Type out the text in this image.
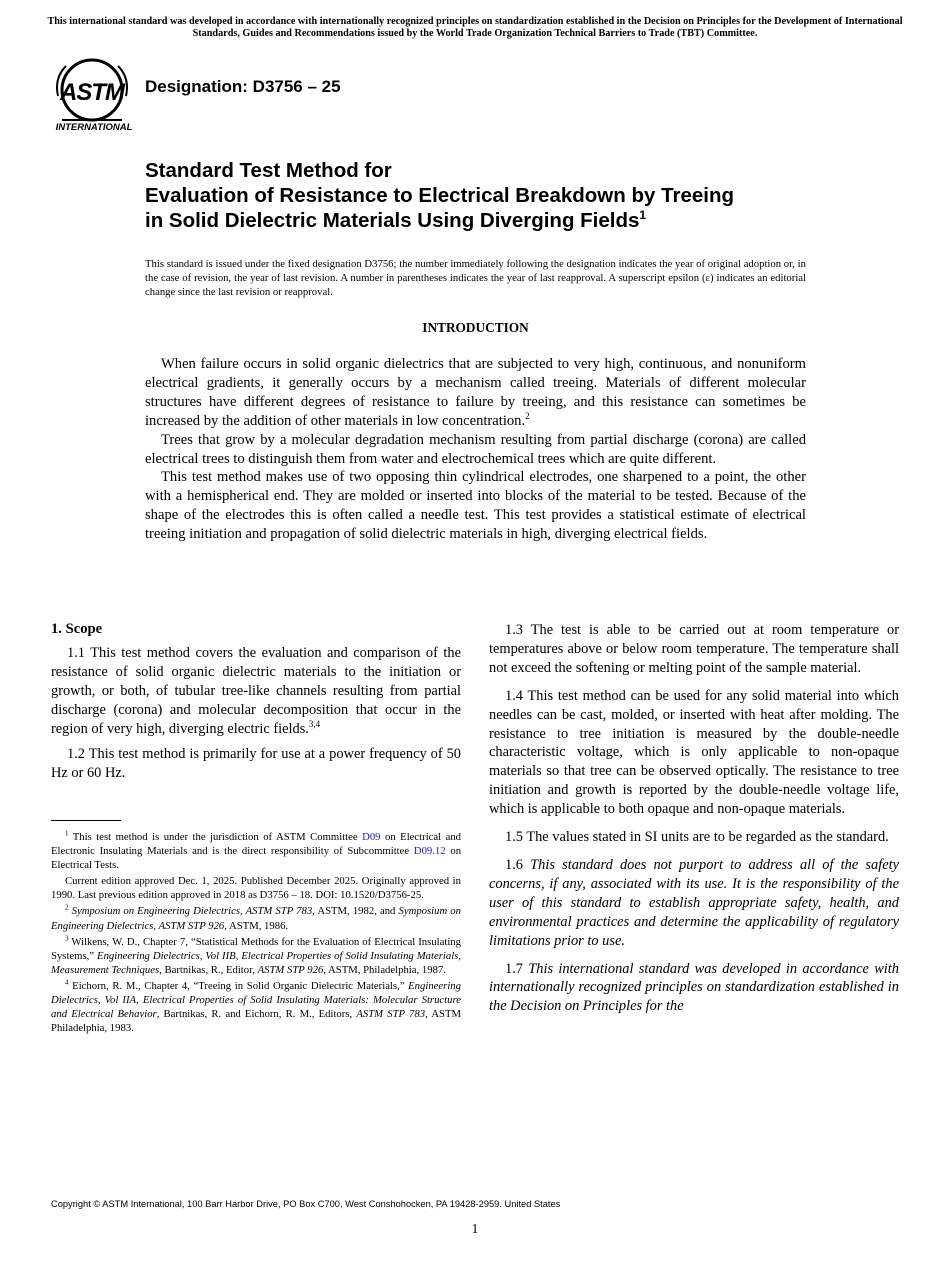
This international standard was developed in accordance with internationally recognized principles on standardization established in the Decision on Principles for the Development of International Standards, Guides and Recommendations issued by the World Trade Organization Technical Barriers to Trade (TBT) Committee.
ASTM
INTERNATIONAL
Designation: D3756 – 25
Standard Test Method for
Evaluation of Resistance to Electrical Breakdown by Treeing
in Solid Dielectric Materials Using Diverging Fields$^1$
This standard is issued under the fixed designation D3756; the number immediately following the designation indicates the year of original adoption or, in the case of revision, the year of last revision. A number in parentheses indicates the year of last reapproval. A superscript epsilon (ε) indicates an editorial change since the last revision or reapproval.
INTRODUCTION

When failure occurs in solid organic dielectrics that are subjected to very high, continuous, and nonuniform electrical gradients, it generally occurs by a mechanism called treeing. Materials of different molecular structures have different degrees of resistance to failure by treeing, and this resistance can sometimes be increased by the addition of other materials in low concentration.$^2$

Trees that grow by a molecular degradation mechanism resulting from partial discharge (corona) are called electrical trees to distinguish them from water and electrochemical trees which are quite different.

This test method makes use of two opposing thin cylindrical electrodes, one sharpened to a point, the other with a hemispherical end. They are molded or inserted into blocks of the material to be tested. Because of the shape of the electrodes this is often called a needle test. This test provides a statistical estimate of electrical treeing initiation and propagation of solid dielectric materials in high, diverging electrical fields.

1. Scope

1.1 This test method covers the evaluation and comparison of the resistance of solid organic dielectric materials to the initiation or growth, or both, of tubular tree-like channels resulting from partial discharge (corona) and molecular decomposition that occur in the region of very high, diverging electric fields.$^{3,4}$

1.2 This test method is primarily for use at a power frequency of 50 Hz or 60 Hz.

$^1$ This test method is under the jurisdiction of ASTM Committee D09 on Electrical and Electronic Insulating Materials and is the direct responsibility of Subcommittee D09.12 on Electrical Tests.

Current edition approved Dec. 1, 2025. Published December 2025. Originally approved in 1990. Last previous edition approved in 2018 as D3756 – 18. DOI: 10.1520/D3756-25.

$^2$ Symposium on Engineering Dielectrics, ASTM STP 783, ASTM, 1982, and Symposium on Engineering Dielectrics, ASTM STP 926, ASTM, 1986.

$^3$ Wilkens, W. D., Chapter 7, “Statistical Methods for the Evaluation of Electrical Insulating Systems,” Engineering Dielectrics, Vol IIB, Electrical Properties of Solid Insulating Materials, Measurement Techniques, Bartnikas, R., Editor, ASTM STP 926, ASTM, Philadelphia, 1987.

$^4$ Eichorn, R. M., Chapter 4, “Treeing in Solid Organic Dielectric Materials,” Engineering Dielectrics, Vol IIA, Electrical Properties of Solid Insulating Materials: Molecular Structure and Electrical Behavior, Bartnikas, R. and Eichorn, R. M., Editors, ASTM STP 783, ASTM Philadelphia, 1983.

1.3 The test is able to be carried out at room temperature or temperatures above or below room temperature. The temperature shall not exceed the softening or melting point of the sample material.

1.4 This test method can be used for any solid material into which needles can be cast, molded, or inserted with heat after molding. The resistance to tree initiation is measured by the double-needle characteristic voltage, which is only applicable to non-opaque materials so that tree can be observed optically. The resistance to tree initiation and growth is reported by the double-needle voltage life, which is applicable to both opaque and non-opaque materials.

1.5 The values stated in SI units are to be regarded as the standard.

1.6 This standard does not purport to address all of the safety concerns, if any, associated with its use. It is the responsibility of the user of this standard to establish appropriate safety, health, and environmental practices and determine the applicability of regulatory limitations prior to use.

1.7 This international standard was developed in accordance with internationally recognized principles on standardization established in the Decision on Principles for the

Copyright © ASTM International, 100 Barr Harbor Drive, PO Box C700, West Conshohocken, PA 19428-2959. United States
1
